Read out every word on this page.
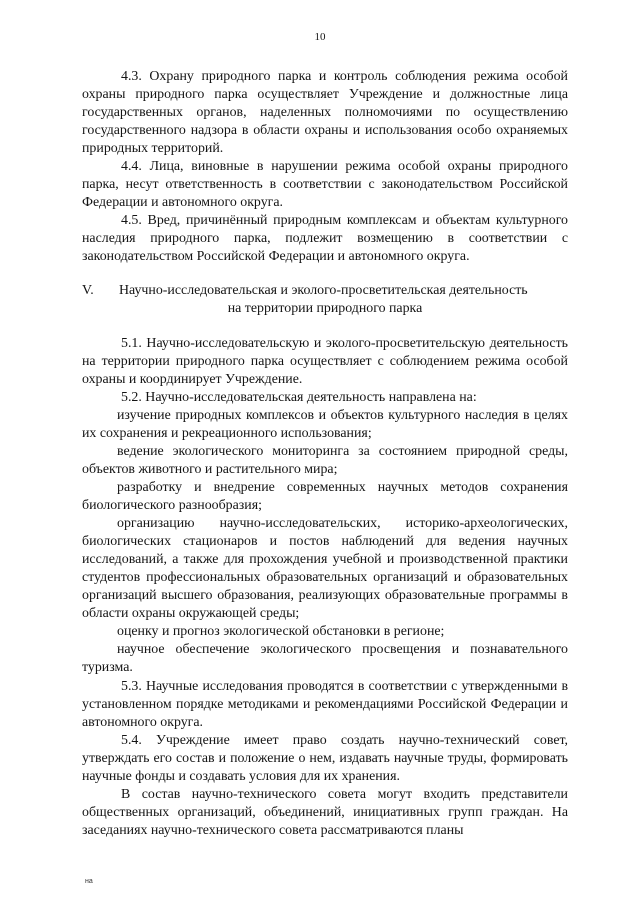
10

4.3. Охрану природного парка и контроль соблюдения режима особой охраны природного парка осуществляет Учреждение и должностные лица государственных органов, наделенных полномочиями по осуществлению государственного надзора в области охраны и использования особо охраняемых природных территорий.

4.4. Лица, виновные в нарушении режима особой охраны природного парка, несут ответственность в соответствии с законодательством Российской Федерации и автономного округа.

4.5. Вред, причинённый природным комплексам и объектам культурного наследия природного парка, подлежит возмещению в соответствии с законодательством Российской Федерации и автономного округа.

V.	Научно-исследовательская и эколого-просветительская деятельность
на территории природного парка

5.1. Научно-исследовательскую и эколого-просветительскую деятельность на территории природного парка осуществляет с соблюдением режима особой охраны и координирует Учреждение.

5.2. Научно-исследовательская деятельность направлена на:

изучение природных комплексов и объектов культурного наследия в целях их сохранения и рекреационного использования;

ведение экологического мониторинга за состоянием природной среды, объектов животного и растительного мира;

разработку и внедрение современных научных методов сохранения биологического разнообразия;

организацию научно-исследовательских, историко-археологических, биологических стационаров и постов наблюдений для ведения научных исследований, а также для прохождения учебной и производственной практики студентов профессиональных образовательных организаций и образовательных организаций высшего образования, реализующих образовательные программы в области охраны окружающей среды;

оценку и прогноз экологической обстановки в регионе;

научное обеспечение экологического просвещения и познавательного туризма.

5.3. Научные исследования проводятся в соответствии с утвержденными в установленном порядке методиками и рекомендациями Российской Федерации и автономного округа.

5.4. Учреждение имеет право создать научно-технический совет, утверждать его состав и положение о нем, издавать научные труды, формировать научные фонды и создавать условия для их хранения.

В состав научно-технического совета могут входить представители общественных организаций, объединений, инициативных групп граждан. На заседаниях научно-технического совета рассматриваются планы

на
